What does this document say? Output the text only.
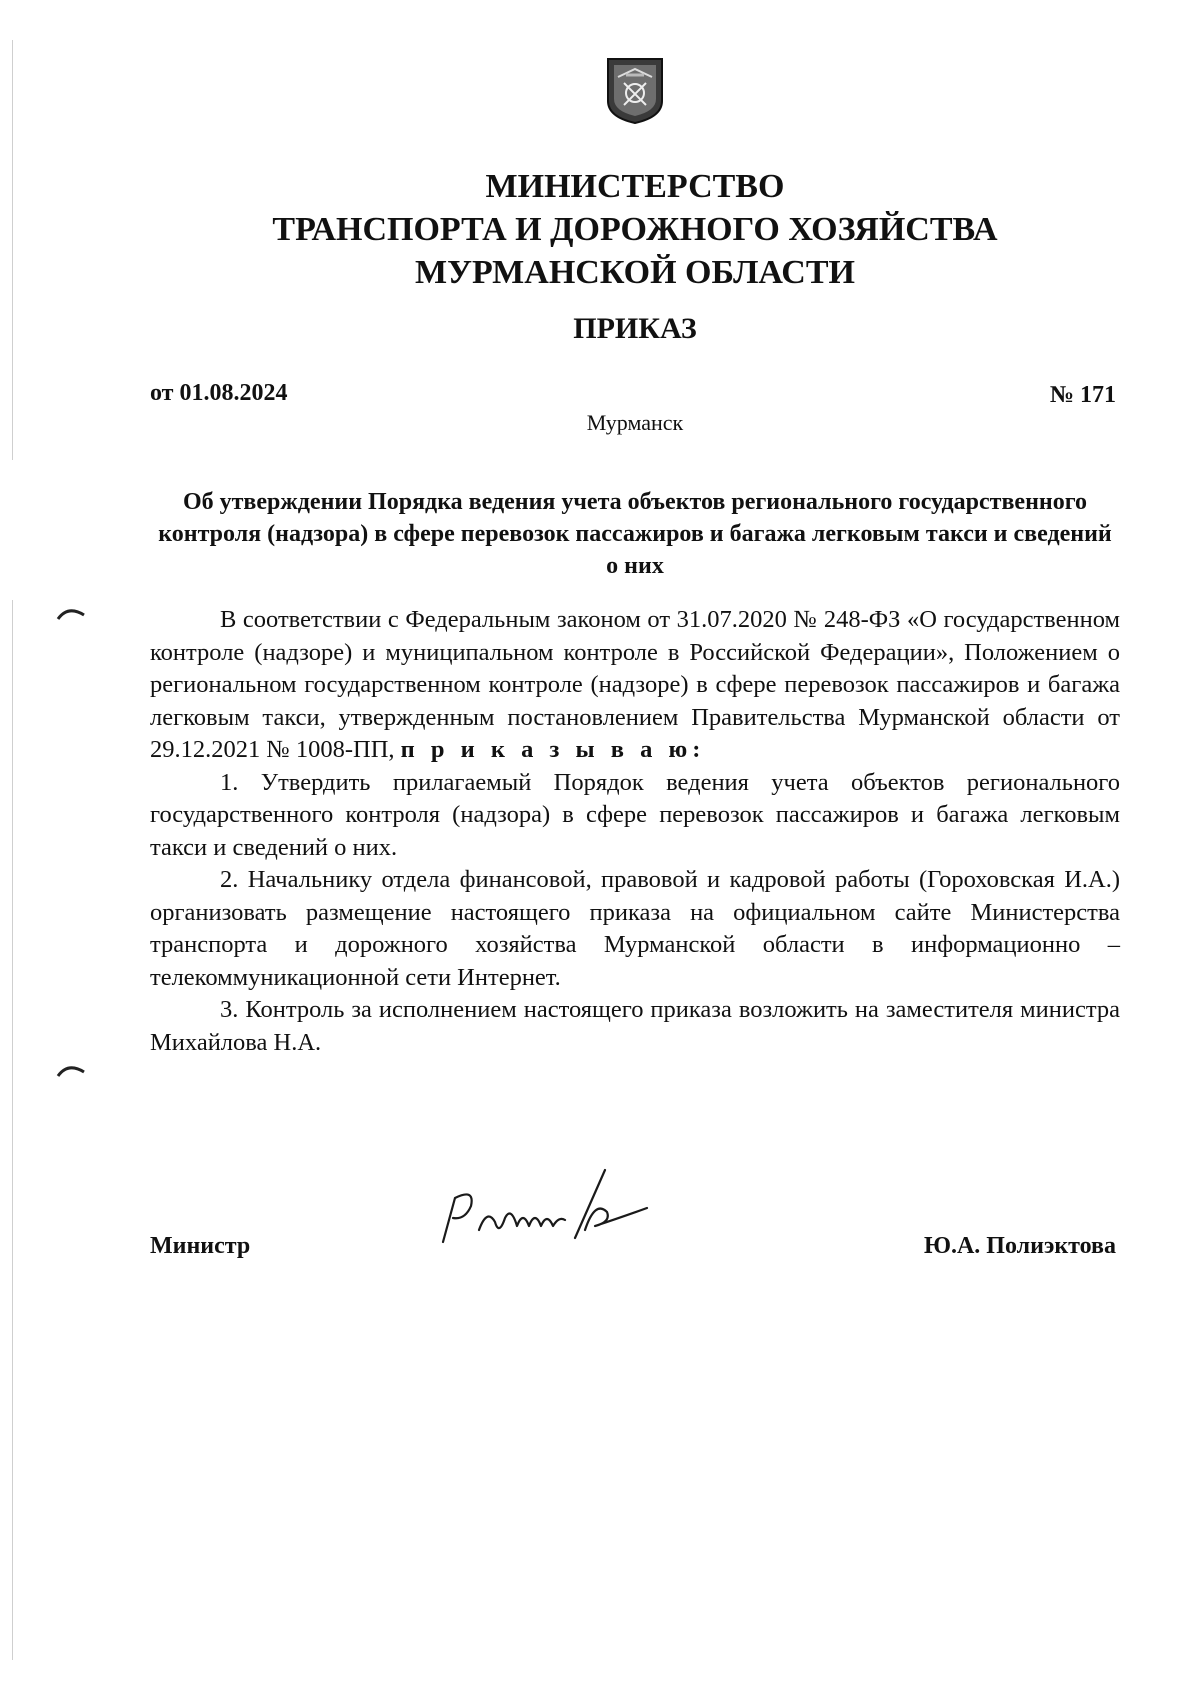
МИНИСТЕРСТВО
ТРАНСПОРТА И ДОРОЖНОГО ХОЗЯЙСТВА
МУРМАНСКОЙ ОБЛАСТИ
ПРИКАЗ
от 01.08.2024	№ 171
Мурманск
Об утверждении Порядка ведения учета объектов регионального государственного контроля (надзора) в сфере перевозок пассажиров и багажа легковым такси и сведений о них

В соответствии с Федеральным законом от 31.07.2020 № 248-ФЗ «О государственном контроле (надзоре) и муниципальном контроле в Российской Федерации», Положением о региональном государственном контроле (надзоре) в сфере перевозок пассажиров и багажа легковым такси, утвержденным постановлением Правительства Мурманской области от 29.12.2021 № 1008-ПП, п р и к а з ы в а ю:

1. Утвердить прилагаемый Порядок ведения учета объектов регионального государственного контроля (надзора) в сфере перевозок пассажиров и багажа легковым такси и сведений о них.

2. Начальнику отдела финансовой, правовой и кадровой работы (Гороховская И.А.) организовать размещение настоящего приказа на официальном сайте Министерства транспорта и дорожного хозяйства Мурманской области в информационно – телекоммуникационной сети Интернет.

3. Контроль за исполнением настоящего приказа возложить на заместителя министра Михайлова Н.А.

Министр	Ю.А. Полиэктова
